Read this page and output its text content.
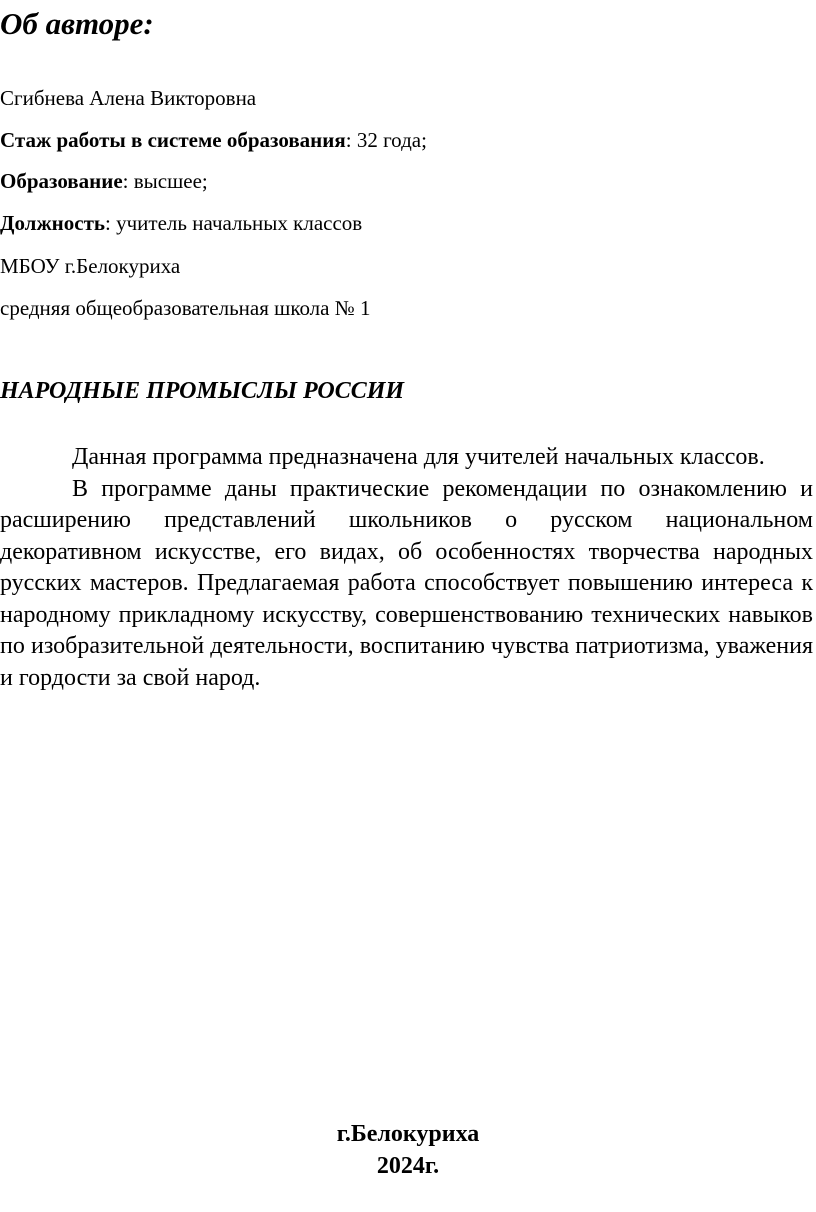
Об авторе:

Сгибнева Алена Викторовна

Стаж работы в системе образования: 32 года;

Образование: высшее;

Должность: учитель начальных классов

МБОУ г.Белокуриха

средняя общеобразовательная школа № 1

НАРОДНЫЕ ПРОМЫСЛЫ РОССИИ

Данная программа предназначена для учителей начальных классов.

В программе даны практические рекомендации по ознакомлению и расширению представлений школьников о русском национальном декоративном искусстве, его видах, об особенностях творчества народных русских мастеров. Предлагаемая работа способствует повышению интереса к народному прикладному искусству, совершенствованию технических навыков по изобразительной деятельности, воспитанию чувства патриотизма, уважения и гордости за свой народ.

г.Белокуриха
2024г.
